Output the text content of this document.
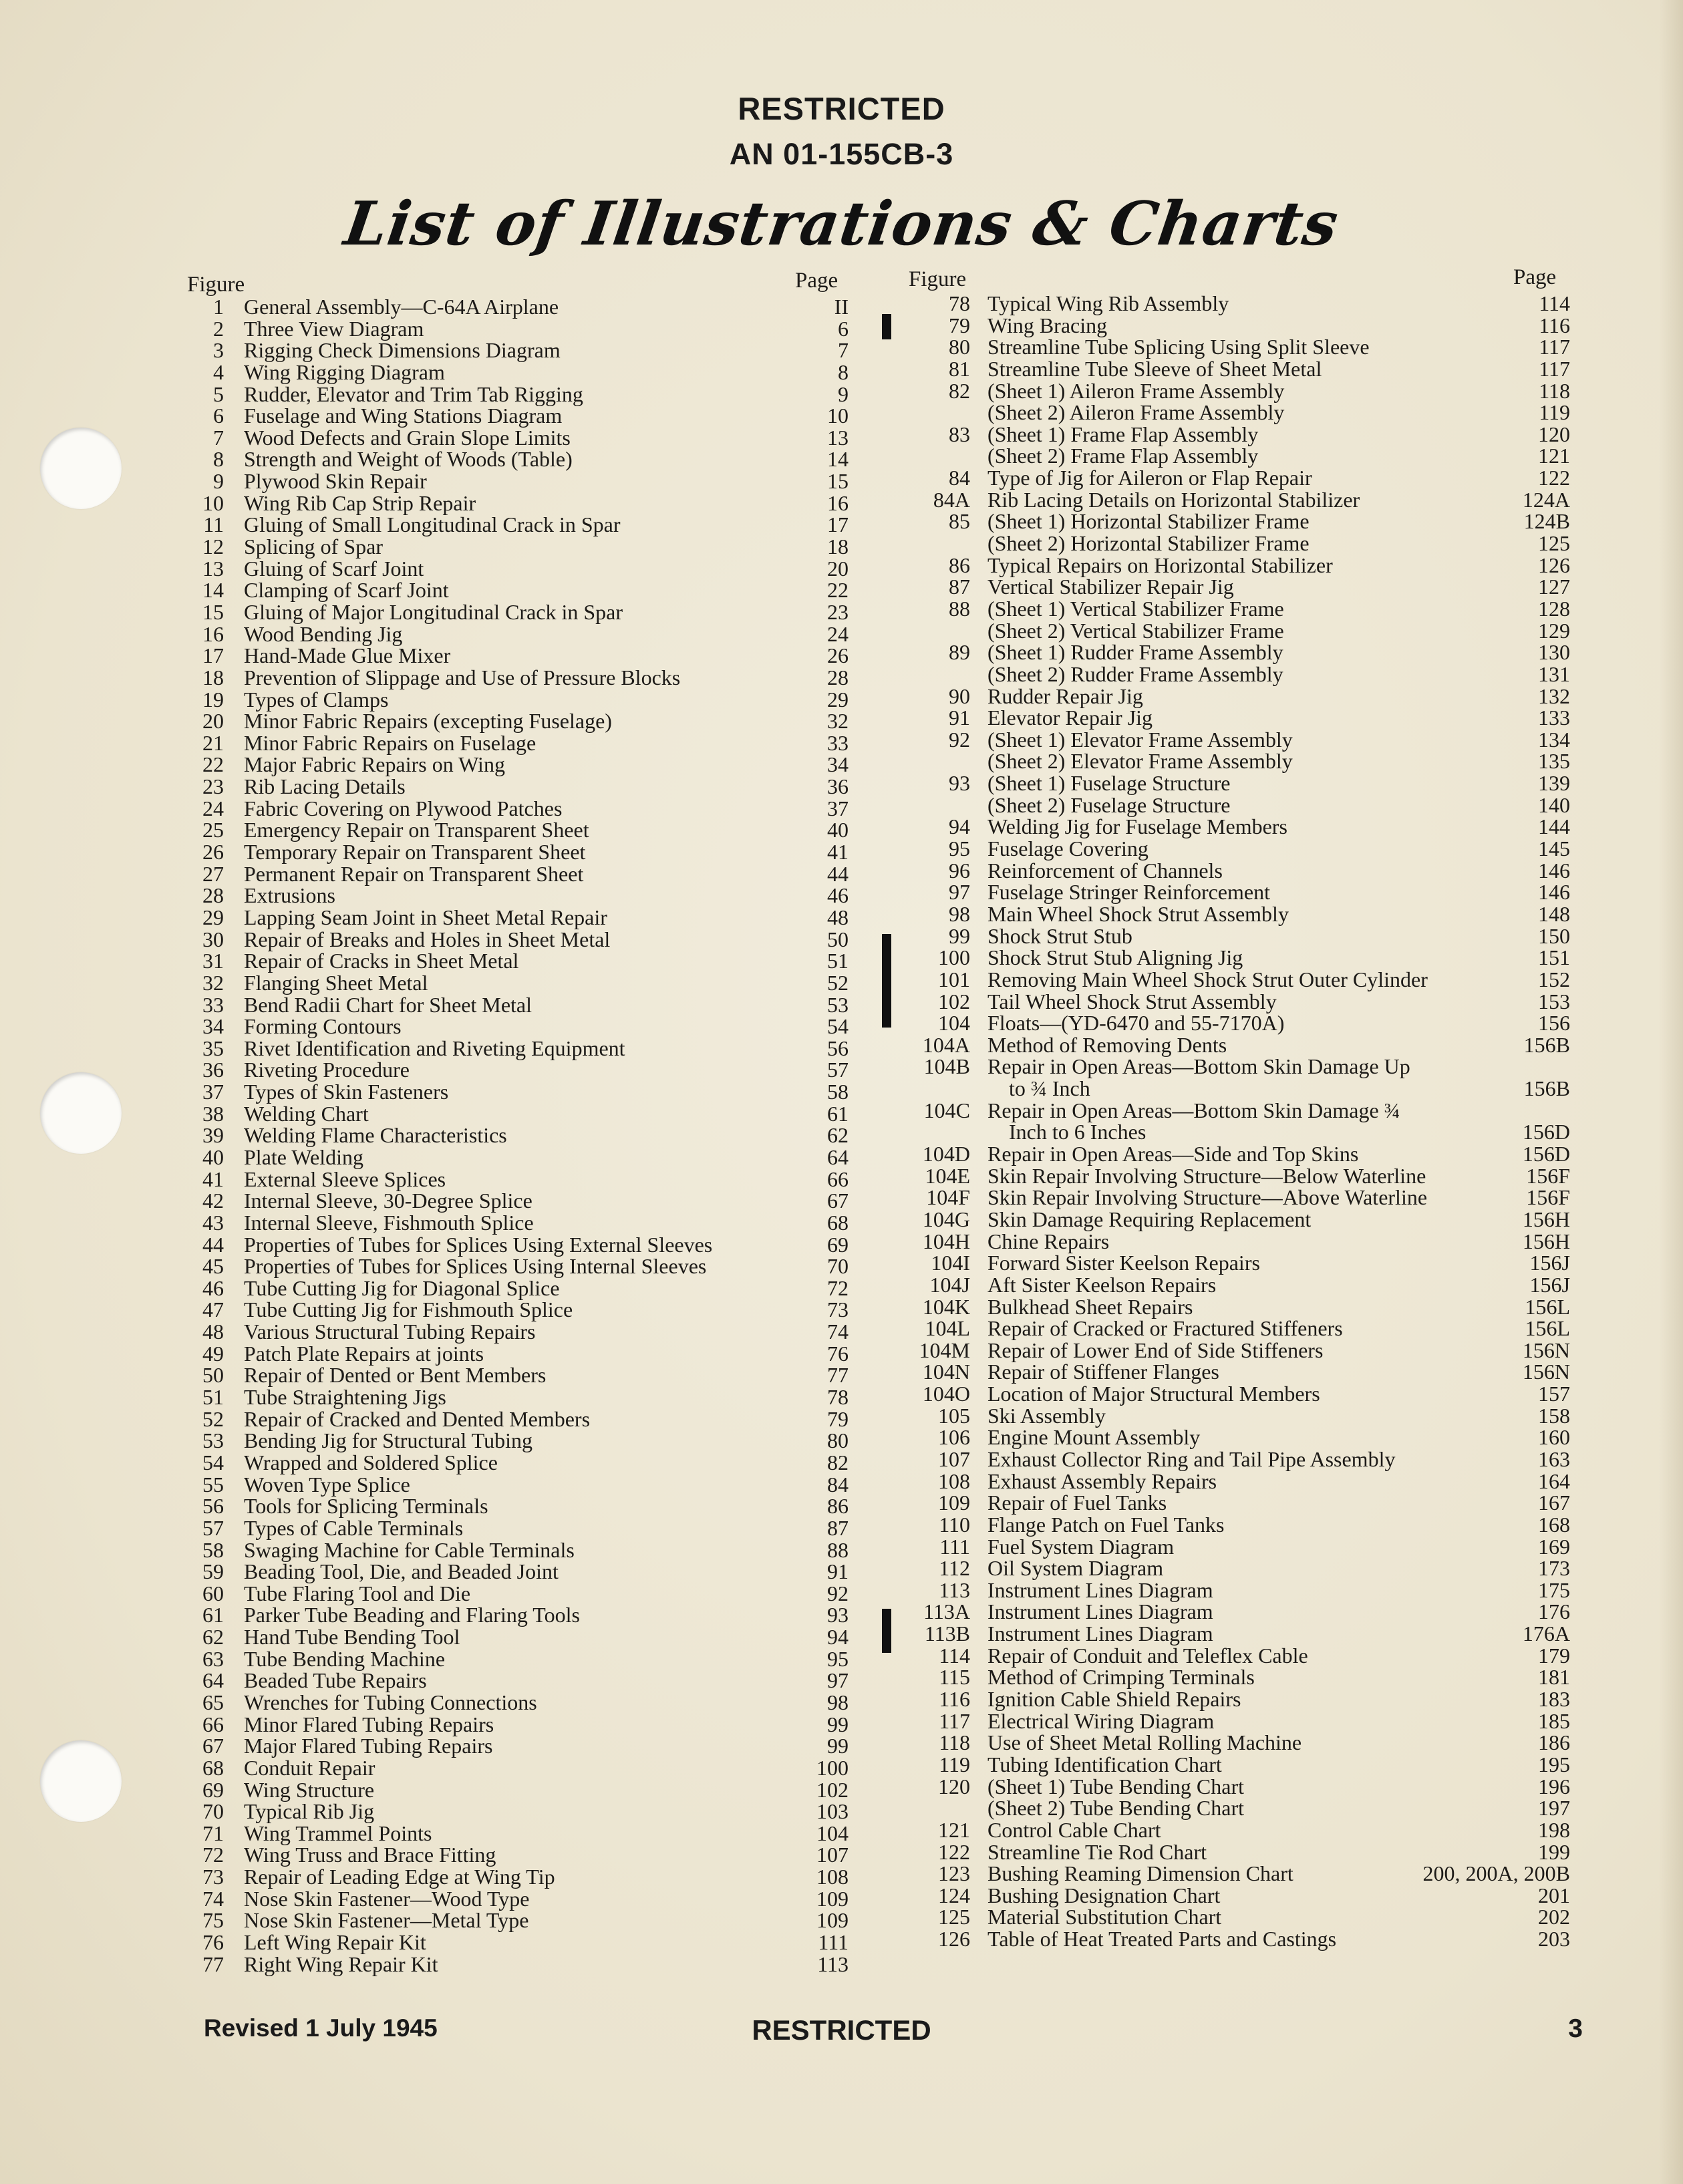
RESTRICTED
AN 01-155CB-3
List of Illustrations & Charts
Figure	Page	Figure	Page
1 General Assembly—C-64A Airplane	II
2 Three View Diagram	6
3 Rigging Check Dimensions Diagram	7
4 Wing Rigging Diagram	8
5 Rudder, Elevator and Trim Tab Rigging	9
6 Fuselage and Wing Stations Diagram	10
7 Wood Defects and Grain Slope Limits	13
8 Strength and Weight of Woods (Table)	14
9 Plywood Skin Repair	15
10 Wing Rib Cap Strip Repair	16
11 Gluing of Small Longitudinal Crack in Spar	17
12 Splicing of Spar	18
13 Gluing of Scarf Joint	20
14 Clamping of Scarf Joint	22
15 Gluing of Major Longitudinal Crack in Spar	23
16 Wood Bending Jig	24
17 Hand-Made Glue Mixer	26
18 Prevention of Slippage and Use of Pressure Blocks	28
19 Types of Clamps	29
20 Minor Fabric Repairs (excepting Fuselage)	32
21 Minor Fabric Repairs on Fuselage	33
22 Major Fabric Repairs on Wing	34
23 Rib Lacing Details	36
24 Fabric Covering on Plywood Patches	37
25 Emergency Repair on Transparent Sheet	40
26 Temporary Repair on Transparent Sheet	41
27 Permanent Repair on Transparent Sheet	44
28 Extrusions	46
29 Lapping Seam Joint in Sheet Metal Repair	48
30 Repair of Breaks and Holes in Sheet Metal	50
31 Repair of Cracks in Sheet Metal	51
32 Flanging Sheet Metal	52
33 Bend Radii Chart for Sheet Metal	53
34 Forming Contours	54
35 Rivet Identification and Riveting Equipment	56
36 Riveting Procedure	57
37 Types of Skin Fasteners	58
38 Welding Chart	61
39 Welding Flame Characteristics	62
40 Plate Welding	64
41 External Sleeve Splices	66
42 Internal Sleeve, 30-Degree Splice	67
43 Internal Sleeve, Fishmouth Splice	68
44 Properties of Tubes for Splices Using External Sleeves	69
45 Properties of Tubes for Splices Using Internal Sleeves	70
46 Tube Cutting Jig for Diagonal Splice	72
47 Tube Cutting Jig for Fishmouth Splice	73
48 Various Structural Tubing Repairs	74
49 Patch Plate Repairs at joints	76
50 Repair of Dented or Bent Members	77
51 Tube Straightening Jigs	78
52 Repair of Cracked and Dented Members	79
53 Bending Jig for Structural Tubing	80
54 Wrapped and Soldered Splice	82
55 Woven Type Splice	84
56 Tools for Splicing Terminals	86
57 Types of Cable Terminals	87
58 Swaging Machine for Cable Terminals	88
59 Beading Tool, Die, and Beaded Joint	91
60 Tube Flaring Tool and Die	92
61 Parker Tube Beading and Flaring Tools	93
62 Hand Tube Bending Tool	94
63 Tube Bending Machine	95
64 Beaded Tube Repairs	97
65 Wrenches for Tubing Connections	98
66 Minor Flared Tubing Repairs	99
67 Major Flared Tubing Repairs	99
68 Conduit Repair	100
69 Wing Structure	102
70 Typical Rib Jig	103
71 Wing Trammel Points	104
72 Wing Truss and Brace Fitting	107
73 Repair of Leading Edge at Wing Tip	108
74 Nose Skin Fastener—Wood Type	109
75 Nose Skin Fastener—Metal Type	109
76 Left Wing Repair Kit	111
77 Right Wing Repair Kit	113
78 Typical Wing Rib Assembly	114
79 Wing Bracing	116
80 Streamline Tube Splicing Using Split Sleeve	117
81 Streamline Tube Sleeve of Sheet Metal	117
82 (Sheet 1) Aileron Frame Assembly	118
(Sheet 2) Aileron Frame Assembly	119
83 (Sheet 1) Frame Flap Assembly	120
(Sheet 2) Frame Flap Assembly	121
84 Type of Jig for Aileron or Flap Repair	122
84A Rib Lacing Details on Horizontal Stabilizer	124A
85 (Sheet 1) Horizontal Stabilizer Frame	124B
(Sheet 2) Horizontal Stabilizer Frame	125
86 Typical Repairs on Horizontal Stabilizer	126
87 Vertical Stabilizer Repair Jig	127
88 (Sheet 1) Vertical Stabilizer Frame	128
(Sheet 2) Vertical Stabilizer Frame	129
89 (Sheet 1) Rudder Frame Assembly	130
(Sheet 2) Rudder Frame Assembly	131
90 Rudder Repair Jig	132
91 Elevator Repair Jig	133
92 (Sheet 1) Elevator Frame Assembly	134
(Sheet 2) Elevator Frame Assembly	135
93 (Sheet 1) Fuselage Structure	139
(Sheet 2) Fuselage Structure	140
94 Welding Jig for Fuselage Members	144
95 Fuselage Covering	145
96 Reinforcement of Channels	146
97 Fuselage Stringer Reinforcement	146
98 Main Wheel Shock Strut Assembly	148
99 Shock Strut Stub	150
100 Shock Strut Stub Aligning Jig	151
101 Removing Main Wheel Shock Strut Outer Cylinder	152
102 Tail Wheel Shock Strut Assembly	153
104 Floats—(YD-6470 and 55-7170A)	156
104A Method of Removing Dents	156B
104B Repair in Open Areas—Bottom Skin Damage Up
to ¾ Inch	156B
104C Repair in Open Areas—Bottom Skin Damage ¾
Inch to 6 Inches	156D
104D Repair in Open Areas—Side and Top Skins	156D
104E Skin Repair Involving Structure—Below Waterline	156F
104F Skin Repair Involving Structure—Above Waterline	156F
104G Skin Damage Requiring Replacement	156H
104H Chine Repairs	156H
104I Forward Sister Keelson Repairs	156J
104J Aft Sister Keelson Repairs	156J
104K Bulkhead Sheet Repairs	156L
104L Repair of Cracked or Fractured Stiffeners	156L
104M Repair of Lower End of Side Stiffeners	156N
104N Repair of Stiffener Flanges	156N
104O Location of Major Structural Members	157
105 Ski Assembly	158
106 Engine Mount Assembly	160
107 Exhaust Collector Ring and Tail Pipe Assembly	163
108 Exhaust Assembly Repairs	164
109 Repair of Fuel Tanks	167
110 Flange Patch on Fuel Tanks	168
111 Fuel System Diagram	169
112 Oil System Diagram	173
113 Instrument Lines Diagram	175
113A Instrument Lines Diagram	176
113B Instrument Lines Diagram	176A
114 Repair of Conduit and Teleflex Cable	179
115 Method of Crimping Terminals	181
116 Ignition Cable Shield Repairs	183
117 Electrical Wiring Diagram	185
118 Use of Sheet Metal Rolling Machine	186
119 Tubing Identification Chart	195
120 (Sheet 1) Tube Bending Chart	196
(Sheet 2) Tube Bending Chart	197
121 Control Cable Chart	198
122 Streamline Tie Rod Chart	199
123 Bushing Reaming Dimension Chart	200, 200A, 200B
124 Bushing Designation Chart	201
125 Material Substitution Chart	202
126 Table of Heat Treated Parts and Castings	203
Revised 1 July 1945	RESTRICTED	3
